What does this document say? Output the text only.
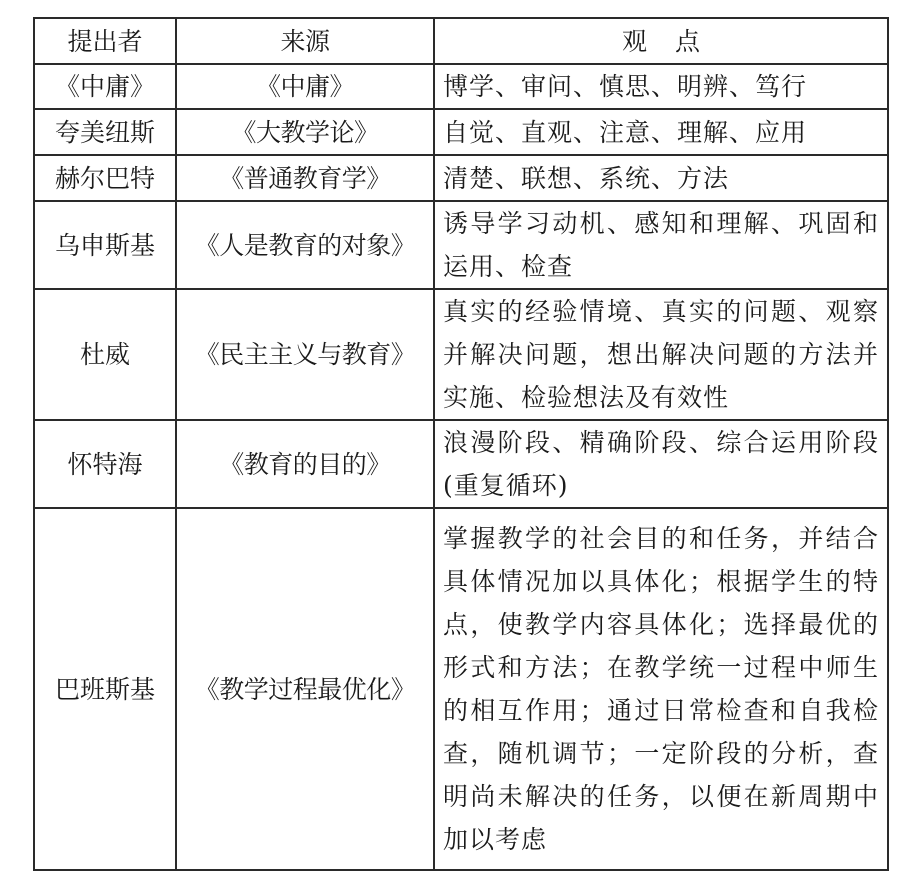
提出者	来源	观 点
《中庸》	《中庸》	博学、审问、慎思、明辨、笃行
夸美纽斯	《大教学论》	自觉、直观、注意、理解、应用
赫尔巴特	《普通教育学》	清楚、联想、系统、方法
乌申斯基	《人是教育的对象》	诱导学习动机、感知和理解、巩固和运用、检查
杜威	《民主主义与教育》	真实的经验情境、真实的问题、观察并解决问题，想出解决问题的方法并实施、检验想法及有效性
怀特海	《教育的目的》	浪漫阶段、精确阶段、综合运用阶段(重复循环)
巴班斯基	《教学过程最优化》	掌握教学的社会目的和任务，并结合具体情况加以具体化；根据学生的特点，使教学内容具体化；选择最优的形式和方法；在教学统一过程中师生的相互作用；通过日常检查和自我检查，随机调节；一定阶段的分析，查明尚未解决的任务，以便在新周期中加以考虑
